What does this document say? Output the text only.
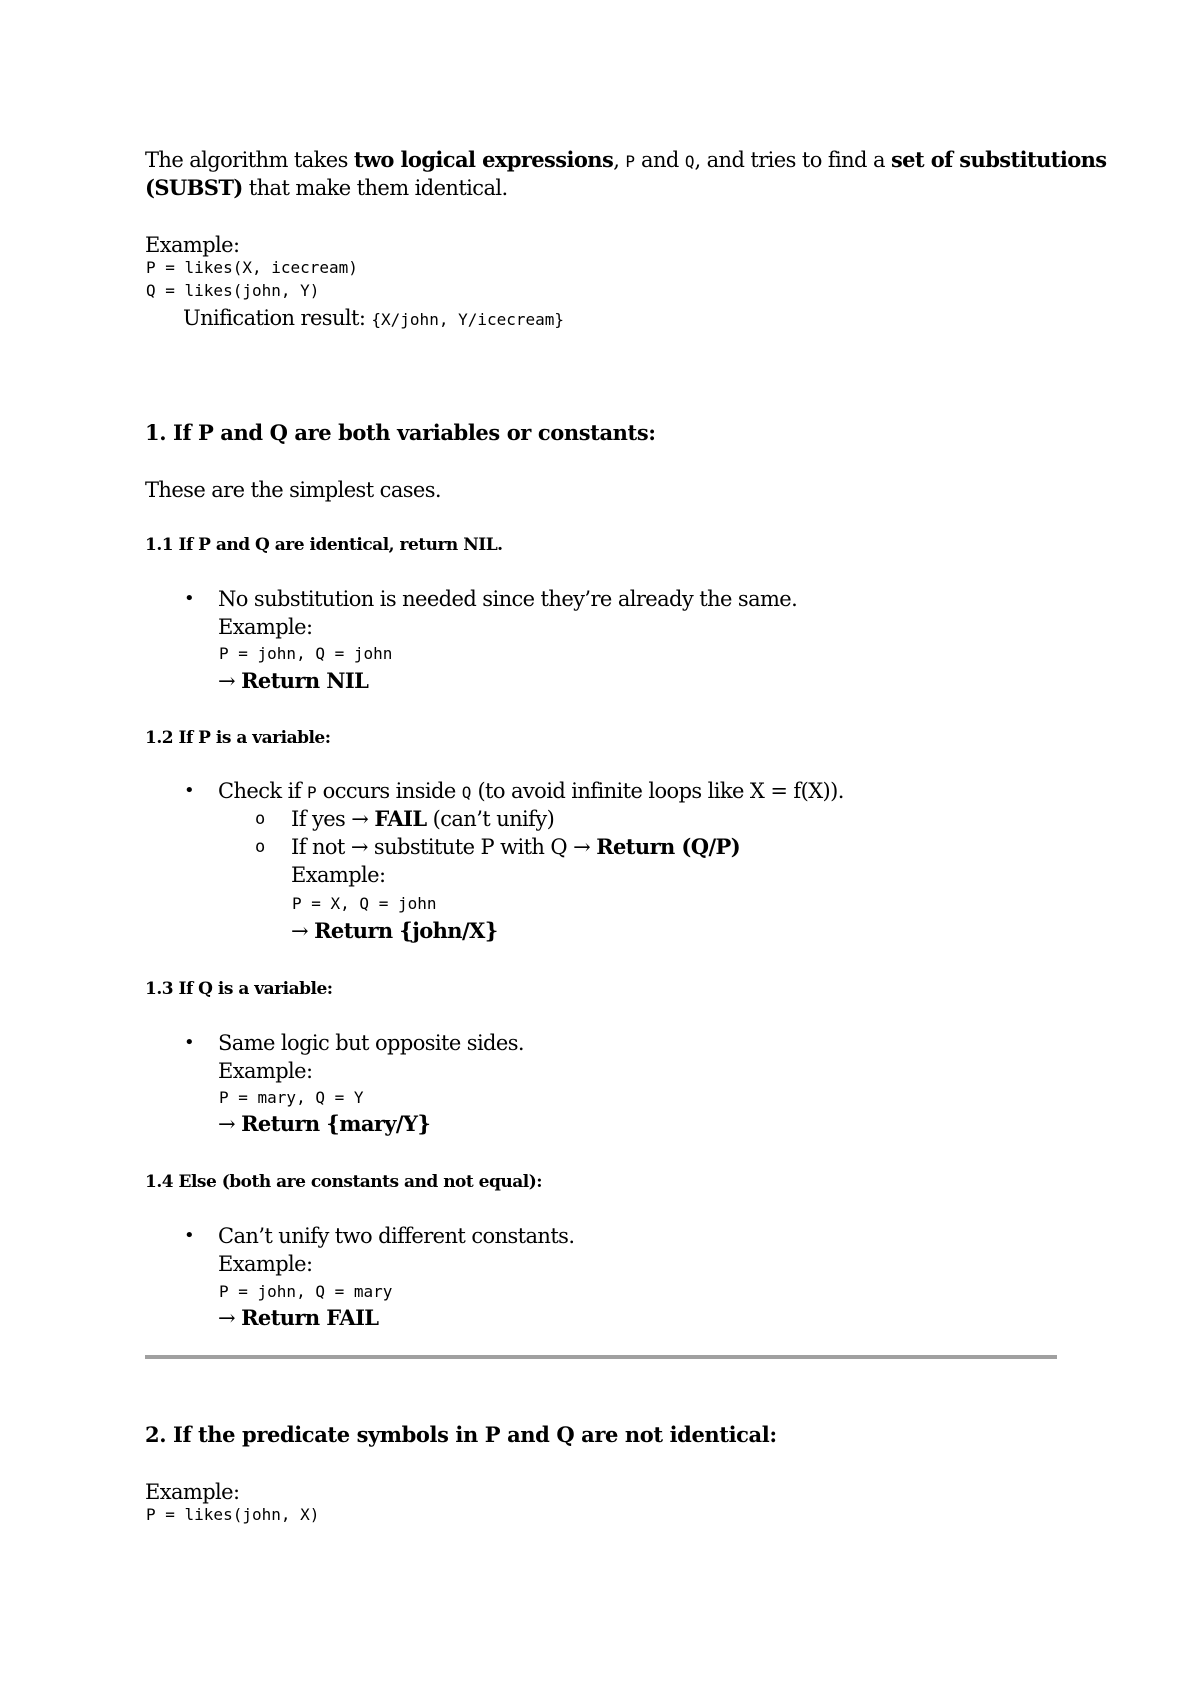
The algorithm takes two logical expressions, P and Q, and tries to find a set of substitutions
(SUBST) that make them identical.
Example:
P = likes(X, icecream)
Q = likes(john, Y)
Unification result: {X/john, Y/icecream}
1. If P and Q are both variables or constants:
These are the simplest cases.
1.1 If P and Q are identical, return NIL.
• No substitution is needed since they’re already the same.
Example:
P = john, Q = john
→ Return NIL
1.2 If P is a variable:
• Check if P occurs inside Q (to avoid infinite loops like X = f(X)).
o If yes → FAIL (can’t unify)
o If not → substitute P with Q → Return (Q/P)
Example:
P = X, Q = john
→ Return {john/X}
1.3 If Q is a variable:
• Same logic but opposite sides.
Example:
P = mary, Q = Y
→ Return {mary/Y}
1.4 Else (both are constants and not equal):
• Can’t unify two different constants.
Example:
P = john, Q = mary
→ Return FAIL
2. If the predicate symbols in P and Q are not identical:
Example:
P = likes(john, X)
